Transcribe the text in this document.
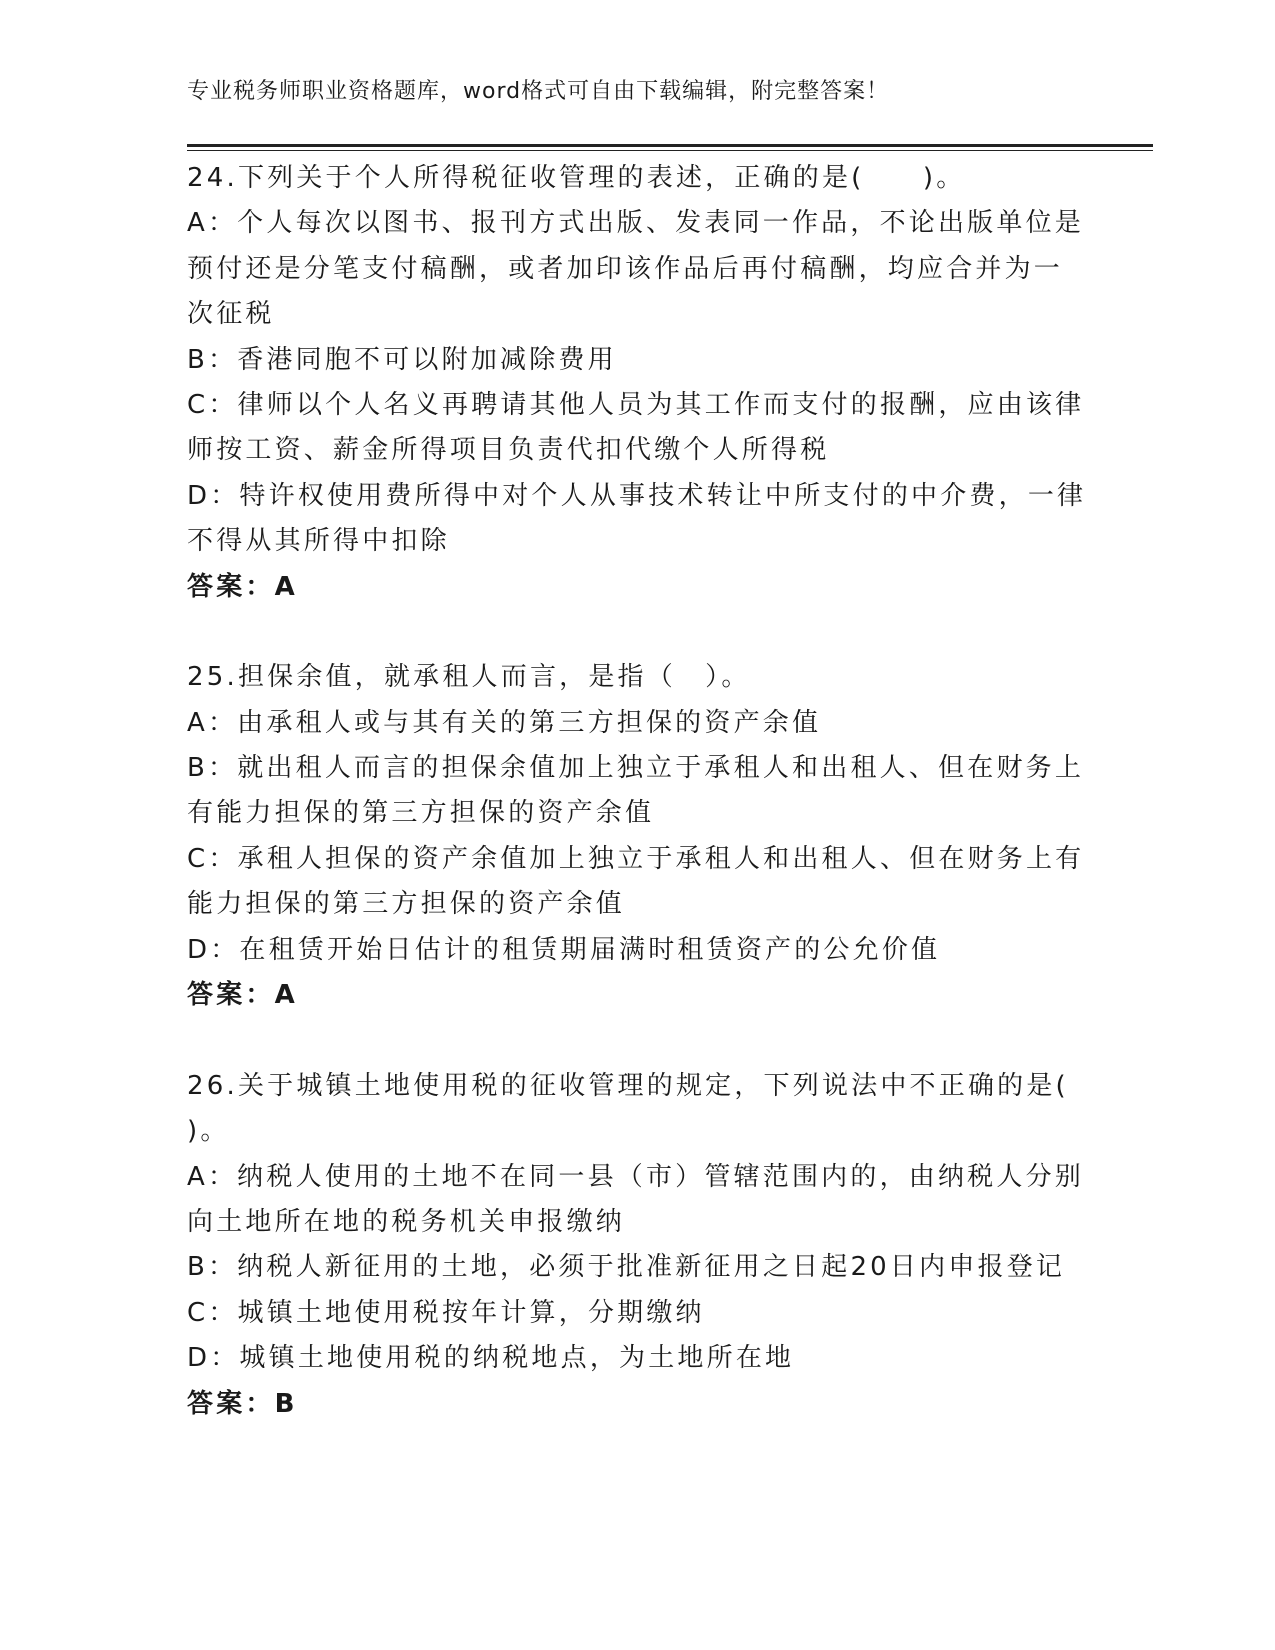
专业税务师职业资格题库，word格式可自由下载编辑，附完整答案！
24.下列关于个人所得税征收管理的表述，正确的是(　　)。
A：个人每次以图书、报刊方式出版、发表同一作品，不论出版单位是
预付还是分笔支付稿酬，或者加印该作品后再付稿酬，均应合并为一
次征税
B：香港同胞不可以附加减除费用
C：律师以个人名义再聘请其他人员为其工作而支付的报酬，应由该律
师按工资、薪金所得项目负责代扣代缴个人所得税
D：特许权使用费所得中对个人从事技术转让中所支付的中介费，一律
不得从其所得中扣除
答案：A
25.担保余值，就承租人而言，是指（　）。
A：由承租人或与其有关的第三方担保的资产余值
B：就出租人而言的担保余值加上独立于承租人和出租人、但在财务上
有能力担保的第三方担保的资产余值
C：承租人担保的资产余值加上独立于承租人和出租人、但在财务上有
能力担保的第三方担保的资产余值
D：在租赁开始日估计的租赁期届满时租赁资产的公允价值
答案：A
26.关于城镇土地使用税的征收管理的规定，下列说法中不正确的是(
)。
A：纳税人使用的土地不在同一县（市）管辖范围内的，由纳税人分别
向土地所在地的税务机关申报缴纳
B：纳税人新征用的土地，必须于批准新征用之日起20日内申报登记
C：城镇土地使用税按年计算，分期缴纳
D：城镇土地使用税的纳税地点，为土地所在地
答案：B
